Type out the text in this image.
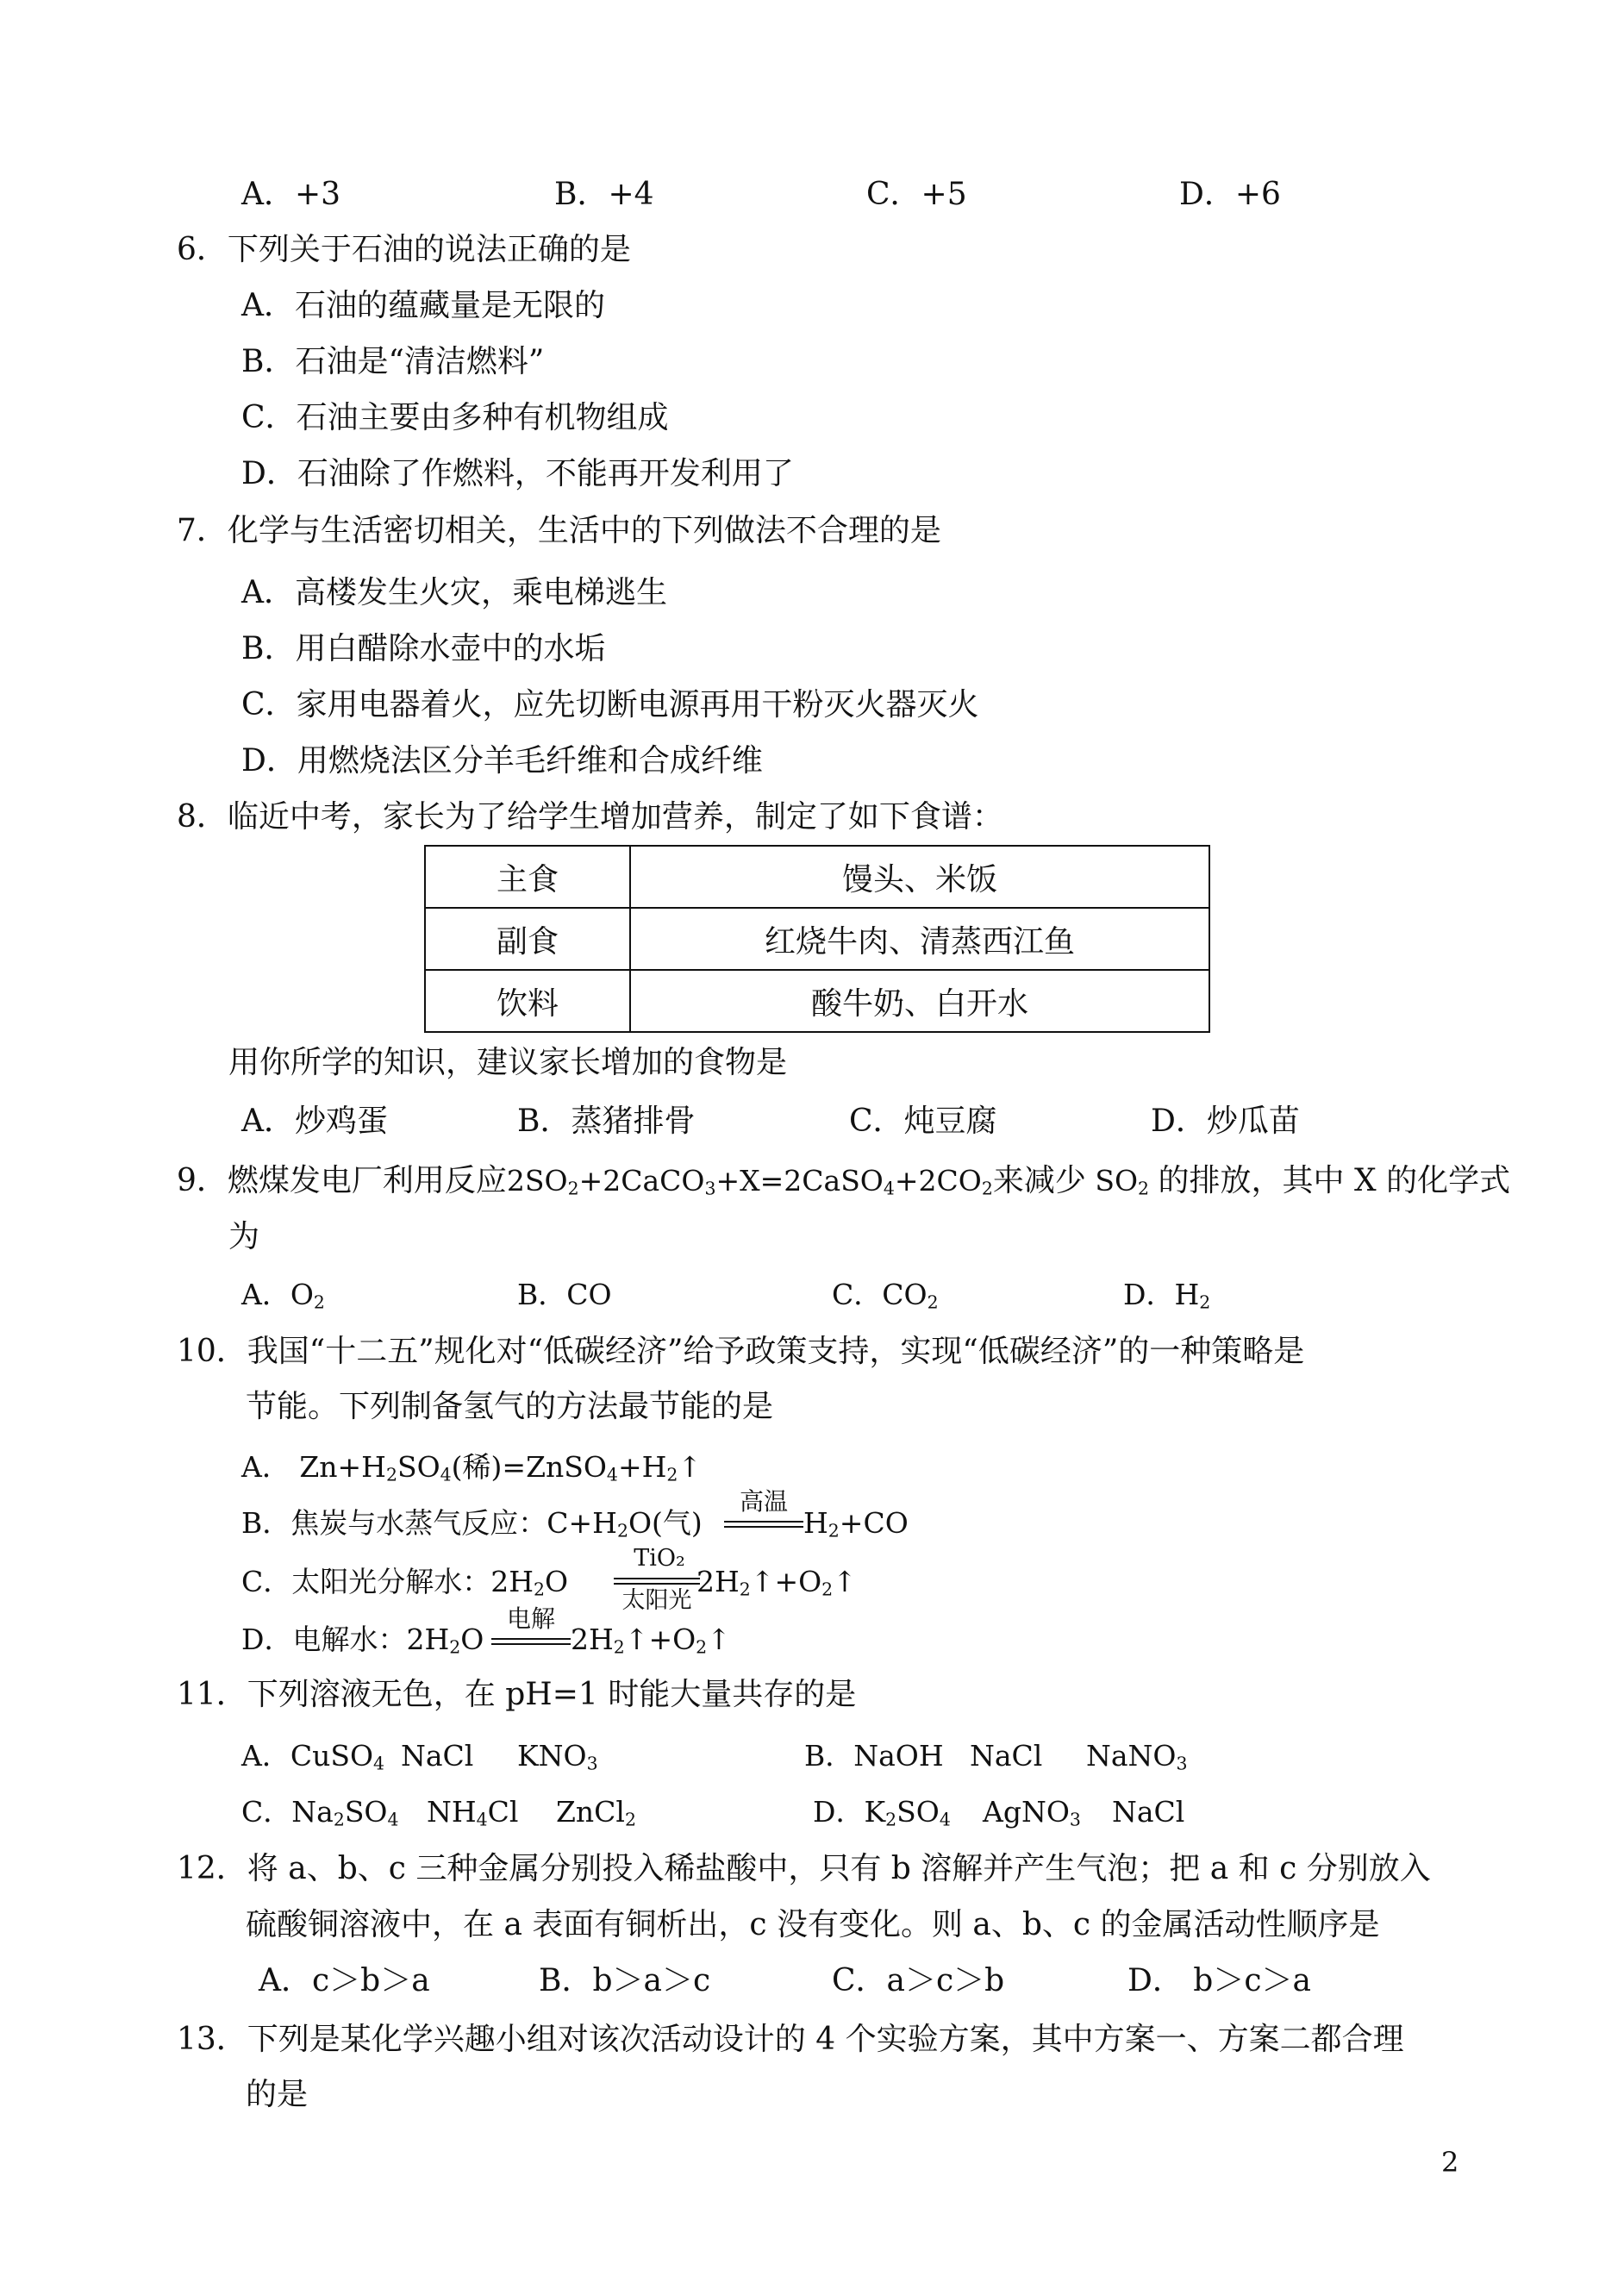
A．+3	B．+4	C．+5	D．+6
6．下列关于石油的说法正确的是
A．石油的蕴藏量是无限的
B．石油是“清洁燃料”
C．石油主要由多种有机物组成
D．石油除了作燃料，不能再开发利用了
7．化学与生活密切相关，生活中的下列做法不合理的是
A．高楼发生火灾，乘电梯逃生
B．用白醋除水壶中的水垢
C．家用电器着火，应先切断电源再用干粉灭火器灭火
D．用燃烧法区分羊毛纤维和合成纤维
8．临近中考，家长为了给学生增加营养，制定了如下食谱：
主食	馒头、米饭
副食	红烧牛肉、清蒸西江鱼
饮料	酸牛奶、白开水
用你所学的知识，建议家长增加的食物是
A．炒鸡蛋	B．蒸猪排骨	C．炖豆腐	D．炒瓜苗
9．燃煤发电厂利用反应$2SO_2+2CaCO_3+X=2CaSO_4+2CO_2$来减少 $SO_2$ 的排放，其中 X 的化学式
为
A．$O_2$	B．CO	C．$CO_2$	D．$H_2$
10．我国“十二五”规化对“低碳经济”给予政策支持，实现“低碳经济”的一种策略是
节能。下列制备氢气的方法最节能的是
A． $Zn+H_2SO_4$(稀)$=ZnSO_4+H_2↑$
B．焦炭与水蒸气反应：$C+H_2O$(气)
高温
$H_2+CO$
C．太阳光分解水：$2H_2O$
TiO₂
太阳光
$2H_2↑+O_2↑$
D．电解水：$2H_2O$
电解
$2H_2↑+O_2↑$
11．下列溶液无色，在 pH=1 时能大量共存的是
A．CuSO$_4$ NaCl $KNO_3$	B．NaOH NaCl NaNO$_3$
C．$Na_2SO_4$ $NH_4Cl$ ZnCl$_2$	D．$K_2SO_4$ AgNO$_3$ NaCl
12．将 a、b、c 三种金属分别投入稀盐酸中，只有 b 溶解并产生气泡；把 a 和 c 分别放入
硫酸铜溶液中，在 a 表面有铜析出，c 没有变化。则 a、b、c 的金属活动性顺序是
A．c＞b＞a	B．b＞a＞c	C．a＞c＞b	D． b＞c＞a
13．下列是某化学兴趣小组对该次活动设计的 4 个实验方案，其中方案一、方案二都合理
的是
2
